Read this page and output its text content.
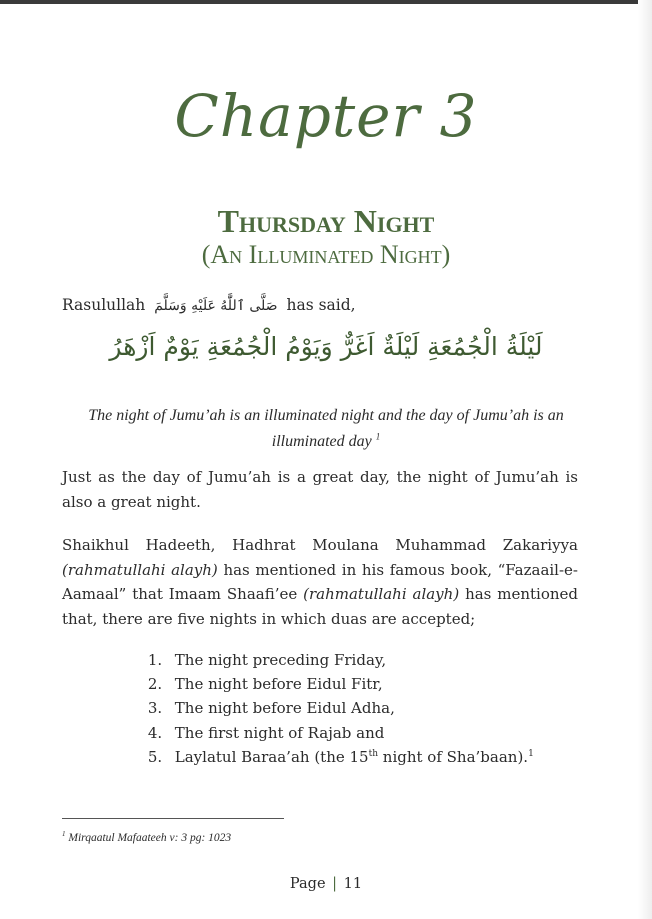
Chapter 3
Thursday Night
(An Illuminated Night)
Rasulullah صَلَّى ٱللَّٰهُ عَلَيْهِ وَسَلَّمَ has said,
لَيْلَةُ الْجُمُعَةِ لَيْلَةٌ اَغَرٌّ وَيَوْمُ الْجُمُعَةِ يَوْمٌ اَزْهَرُ
The night of Jumu’ah is an illuminated night and the day of Jumu’ah is an illuminated day $^1$
Just as the day of Jumu’ah is a great day, the night of Jumu’ah is also a great night.
Shaikhul Hadeeth, Hadhrat Moulana Muhammad Zakariyya (rahmatullahi alayh) has mentioned in his famous book, “Fazaail-e-Aamaal” that Imaam Shaafi’ee (rahmatullahi alayh) has mentioned that, there are five nights in which duas are accepted;
1. The night preceding Friday,
2. The night before Eidul Fitr,
3. The night before Eidul Adha,
4. The first night of Rajab and
5. Laylatul Baraa’ah (the 15th night of Sha’baan).$^1$
$^1$ Mirqaatul Mafaateeh v: 3 pg: 1023
Page | 11
